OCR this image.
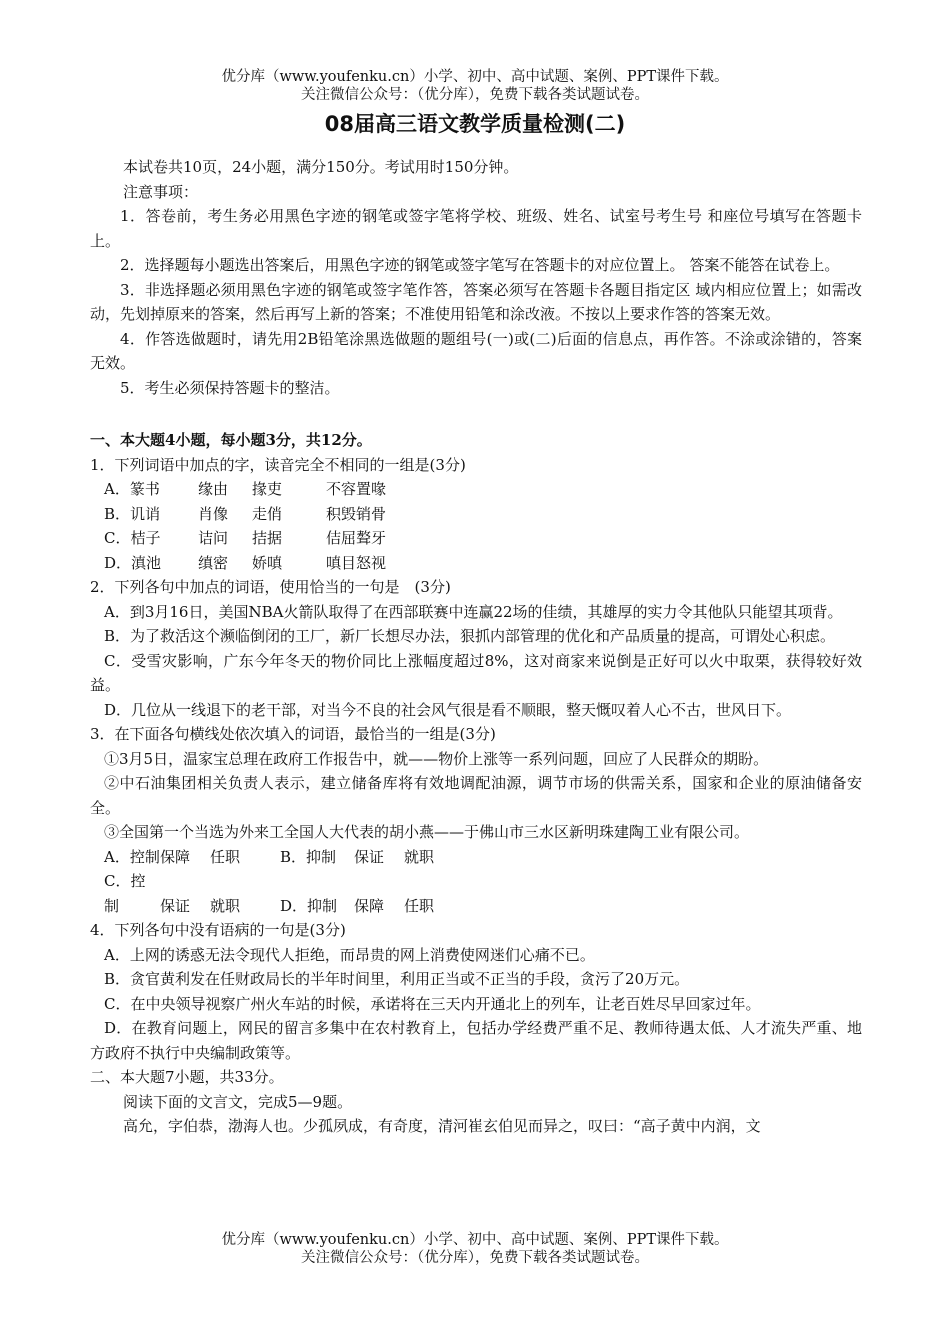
优分库（www.youfenku.cn）小学、初中、高中试题、案例、PPT课件下载。
关注微信公众号：（优分库），免费下载各类试题试卷。
08届高三语文教学质量检测(二)

本试卷共10页，24小题，满分150分。考试用时150分钟。

注意事项：

1．答卷前，考生务必用黑色字迹的钢笔或签字笔将学校、班级、姓名、试室号考生号 和座位号填写在答题卡上。

2．选择题每小题选出答案后，用黑色字迹的钢笔或签字笔写在答题卡的对应位置上。 答案不能答在试卷上。

3．非选择题必须用黑色字迹的钢笔或签字笔作答，答案必须写在答题卡各题目指定区 域内相应位置上；如需改动，先划掉原来的答案，然后再写上新的答案；不准使用铅笔和涂改液。不按以上要求作答的答案无效。

4．作答选做题时，请先用2B铅笔涂黑选做题的题组号(一)或(二)后面的信息点，再作答。不涂或涂错的，答案无效。

5．考生必须保持答题卡的整洁。

一、本大题4小题，每小题3分，共12分。

1．下列词语中加点的字，读音完全不相同的一组是(3分)

A．篆书	缘由	掾吏	不容置喙
B．讥诮	肖像	走俏	积毁销骨
C．桔子	诘问	拮据	佶屈聱牙
D．滇池	缜密	娇嗔	嗔目怒视

2．下列各句中加点的词语，使用恰当的一句是　(3分)

A．到3月16日，美国NBA火箭队取得了在西部联赛中连赢22场的佳绩，其雄厚的实力令其他队只能望其项背。

B．为了救活这个濒临倒闭的工厂，新厂长想尽办法，狠抓内部管理的优化和产品质量的提高，可谓处心积虑。

C．受雪灾影响，广东今年冬天的物价同比上涨幅度超过8%，这对商家来说倒是正好可以火中取栗，获得较好效益。

D．几位从一线退下的老干部，对当今不良的社会风气很是看不顺眼，整天慨叹着人心不古，世风日下。

3．在下面各句横线处依次填入的词语，最恰当的一组是(3分)

①3月5日，温家宝总理在政府工作报告中，就——物价上涨等一系列问题，回应了人民群众的期盼。

②中石油集团相关负责人表示，建立储备库将有效地调配油源，调节市场的供需关系，国家和企业的原油储备安全。

③全国第一个当选为外来工全国人大代表的胡小燕——于佛山市三水区新明珠建陶工业有限公司。

A．控制保障 任职	B．抑制 保证 就职
C．控制	保证 就职	D．抑制 保障 任职

4．下列各句中没有语病的一句是(3分)

A．上网的诱惑无法令现代人拒绝，而昂贵的网上消费使网迷们心痛不已。

B．贪官黄利发在任财政局长的半年时间里，利用正当或不正当的手段，贪污了20万元。

C．在中央领导视察广州火车站的时候，承诺将在三天内开通北上的列车，让老百姓尽早回家过年。

D．在教育问题上，网民的留言多集中在农村教育上，包括办学经费严重不足、教师待遇太低、人才流失严重、地方政府不执行中央编制政策等。

二、本大题7小题，共33分。

阅读下面的文言文，完成5—9题。

高允，字伯恭，渤海人也。少孤夙成，有奇度，清河崔玄伯见而异之，叹曰：“高子黄中内润，文

优分库（www.youfenku.cn）小学、初中、高中试题、案例、PPT课件下载。
关注微信公众号：（优分库），免费下载各类试题试卷。
